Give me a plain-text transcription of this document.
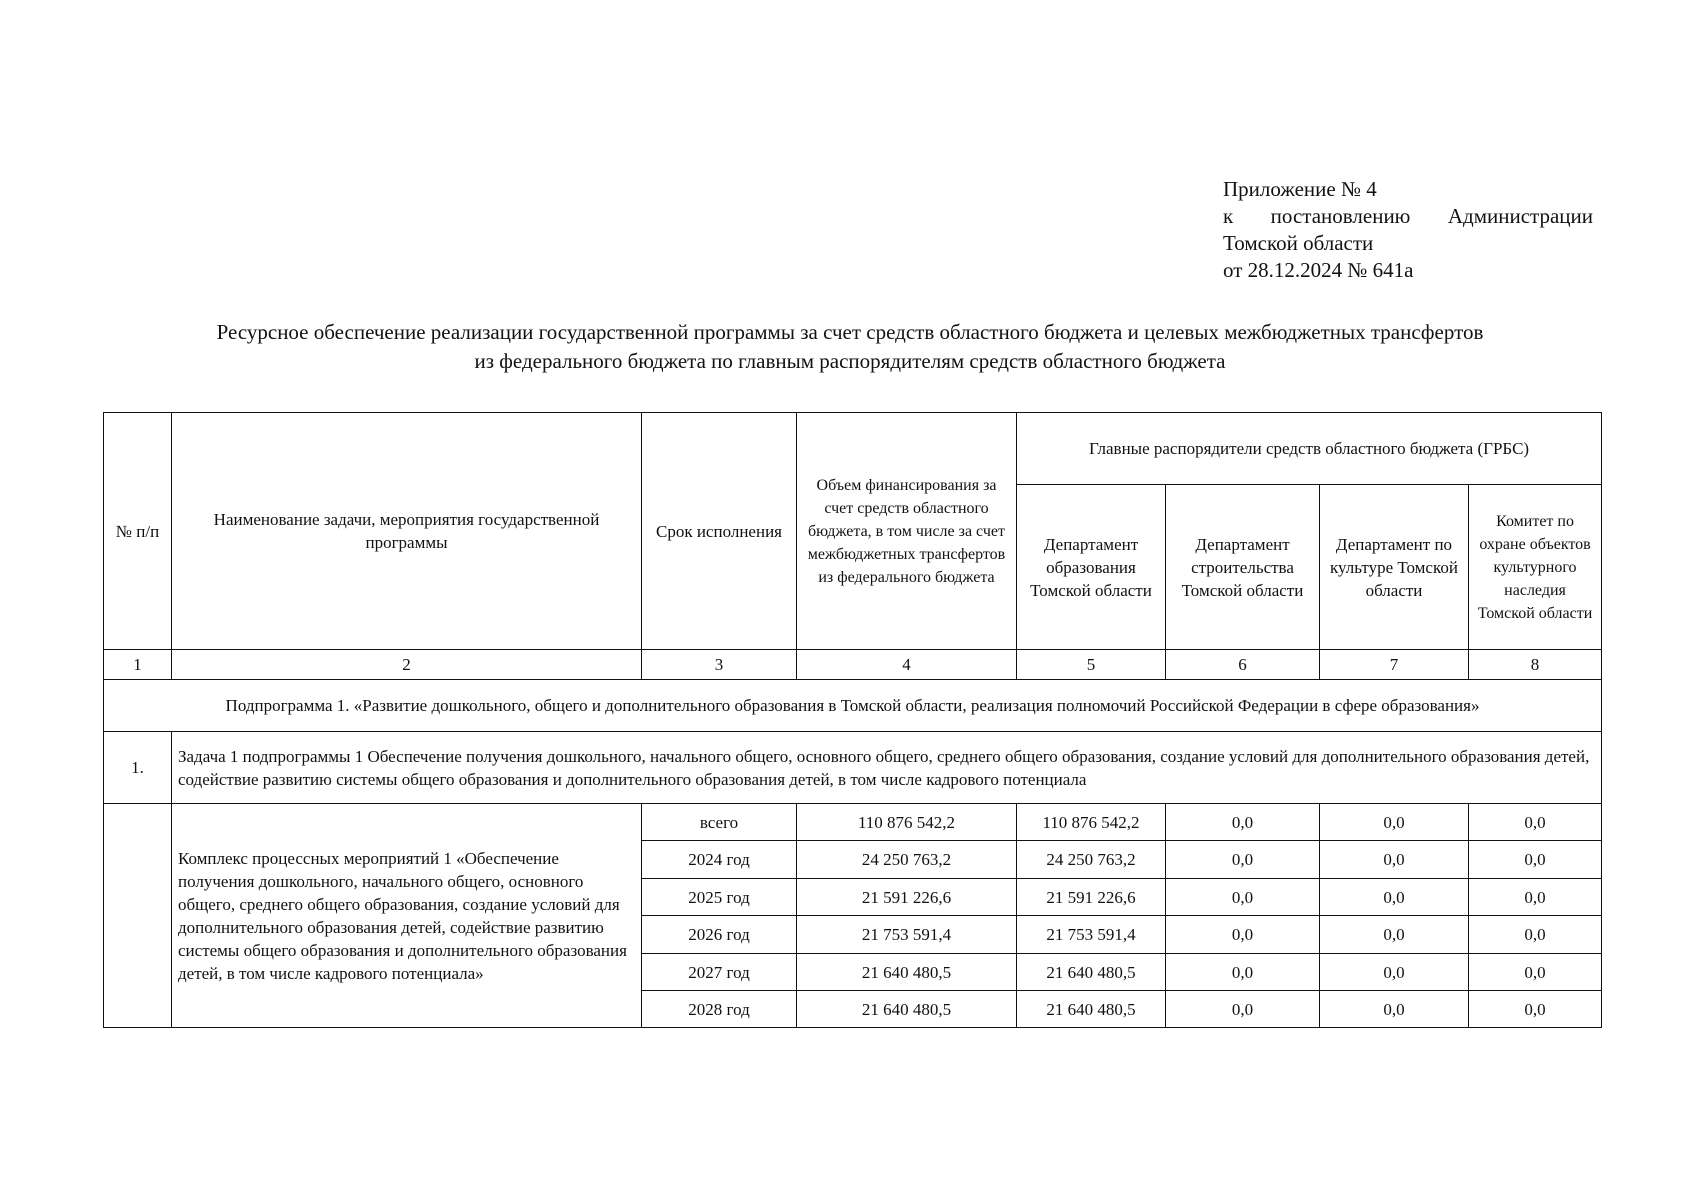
Приложение № 4
к постановлению Администрации
Томской области
от 28.12.2024 № 641а
Ресурсное обеспечение реализации государственной программы за счет средств областного бюджета и целевых межбюджетных трансфертов
из федерального бюджета по главным распорядителям средств областного бюджета
№ п/п	Наименование задачи, мероприятия государственной программы	Срок исполнения	Объем финансирования за счет средств областного бюджета, в том числе за счет межбюджетных трансфертов из федерального бюджета	Главные распорядители средств областного бюджета (ГРБС)			
				Департамент образования Томской области	Департамент строительства Томской области	Департамент по культуре Томской области	Комитет по охране объектов культурного наследия Томской области
1	2	3	4	5	6	7	8
Подпрограмма 1. «Развитие дошкольного, общего и дополнительного образования в Томской области, реализация полномочий Российской Федерации в сфере образования»							
1.	Задача 1 подпрограммы 1 Обеспечение получения дошкольного, начального общего, основного общего, среднего общего образования, создание условий для дополнительного образования детей, содействие развитию системы общего образования и дополнительного образования детей, в том числе кадрового потенциала						
	Комплекс процессных мероприятий 1 «Обеспечение получения дошкольного, начального общего, основного общего, среднего общего образования, создание условий для дополнительного образования детей, содействие развитию системы общего образования и дополнительного образования детей, в том числе кадрового потенциала»	всего	110 876 542,2	110 876 542,2	0,0	0,0	0,0
		2024 год	24 250 763,2	24 250 763,2	0,0	0,0	0,0
		2025 год	21 591 226,6	21 591 226,6	0,0	0,0	0,0
		2026 год	21 753 591,4	21 753 591,4	0,0	0,0	0,0
		2027 год	21 640 480,5	21 640 480,5	0,0	0,0	0,0
		2028 год	21 640 480,5	21 640 480,5	0,0	0,0	0,0
